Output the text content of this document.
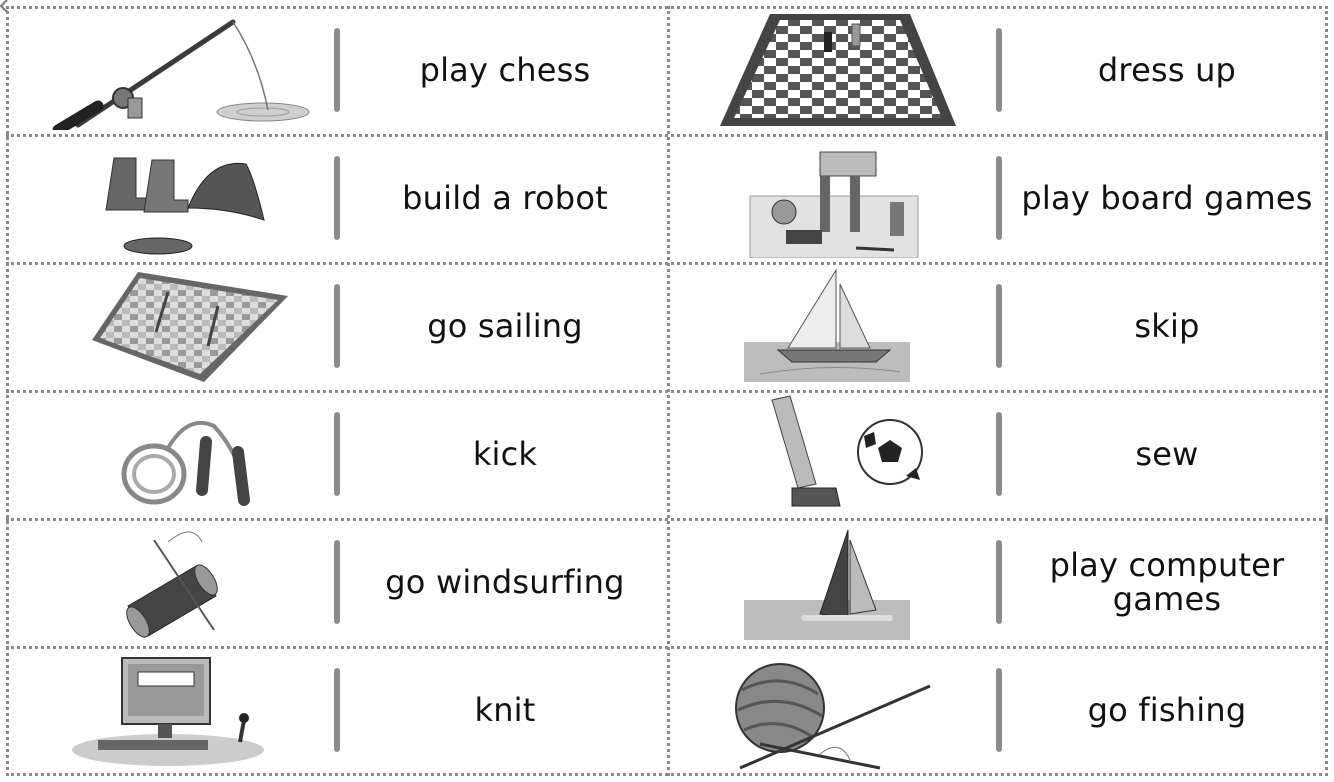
play chess	dress up
build a robot	play board games
go sailing	skip
kick	sew
go windsurfing	play computer games
knit	go fishing
